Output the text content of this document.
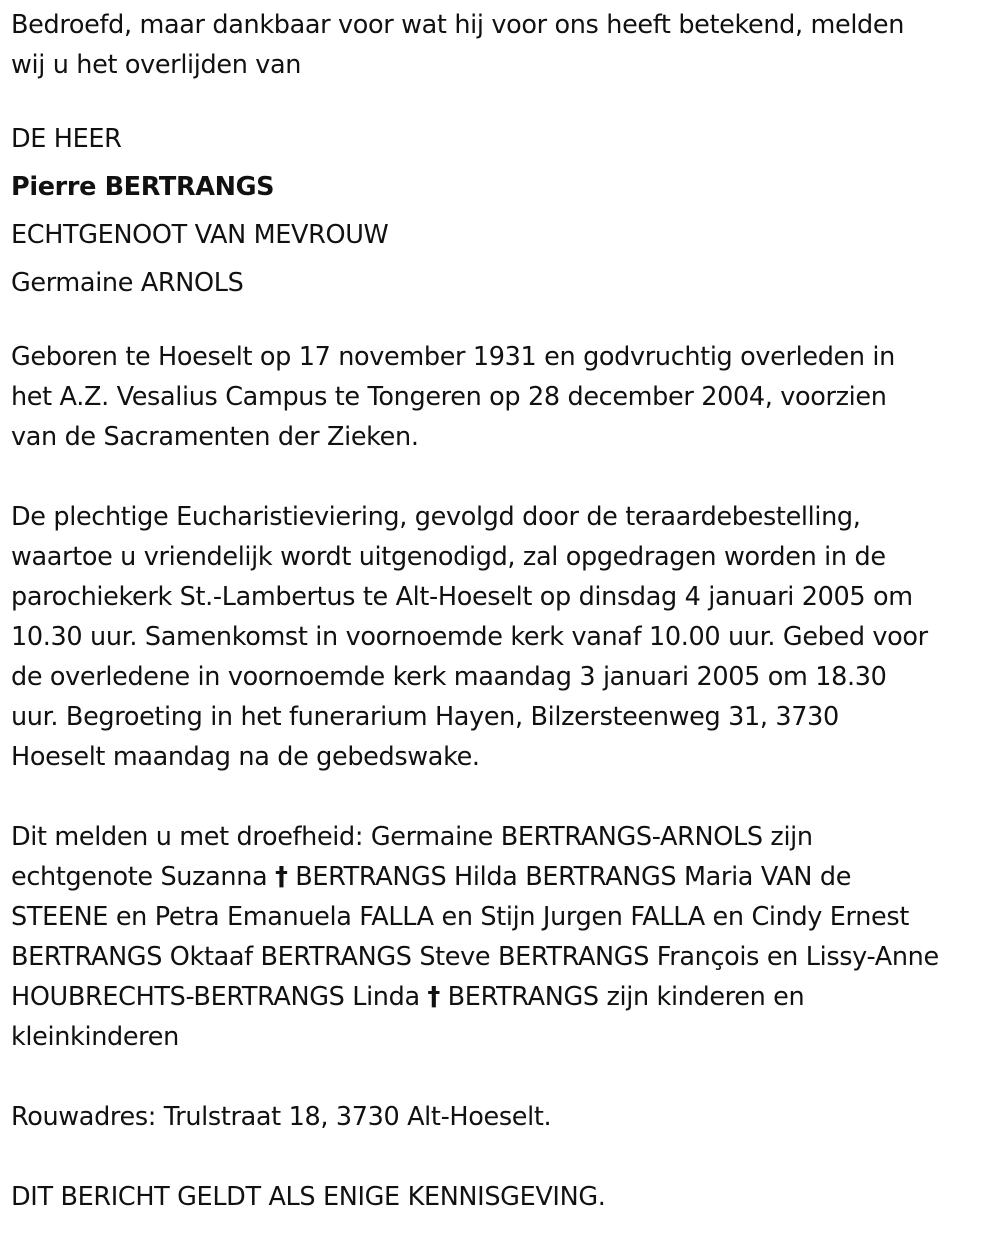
Bedroefd, maar dankbaar voor wat hij voor ons heeft betekend, melden

wij u het overlijden van

DE HEER

Pierre BERTRANGS

ECHTGENOOT VAN MEVROUW

Germaine ARNOLS

Geboren te Hoeselt op 17 november 1931 en godvruchtig overleden in

het A.Z. Vesalius Campus te Tongeren op 28 december 2004, voorzien

van de Sacramenten der Zieken.

De plechtige Eucharistieviering, gevolgd door de teraardebestelling,

waartoe u vriendelijk wordt uitgenodigd, zal opgedragen worden in de

parochiekerk St.-Lambertus te Alt-Hoeselt op dinsdag 4 januari 2005 om

10.30 uur. Samenkomst in voornoemde kerk vanaf 10.00 uur. Gebed voor

de overledene in voornoemde kerk maandag 3 januari 2005 om 18.30

uur. Begroeting in het funerarium Hayen, Bilzersteenweg 31, 3730

Hoeselt maandag na de gebedswake.

Dit melden u met droefheid: Germaine BERTRANGS-ARNOLS zijn

echtgenote Suzanna † BERTRANGS Hilda BERTRANGS Maria VAN de

STEENE en Petra Emanuela FALLA en Stijn Jurgen FALLA en Cindy Ernest

BERTRANGS Oktaaf BERTRANGS Steve BERTRANGS François en Lissy-Anne

HOUBRECHTS-BERTRANGS Linda † BERTRANGS zijn kinderen en

kleinkinderen

Rouwadres: Trulstraat 18, 3730 Alt-Hoeselt.

DIT BERICHT GELDT ALS ENIGE KENNISGEVING.
